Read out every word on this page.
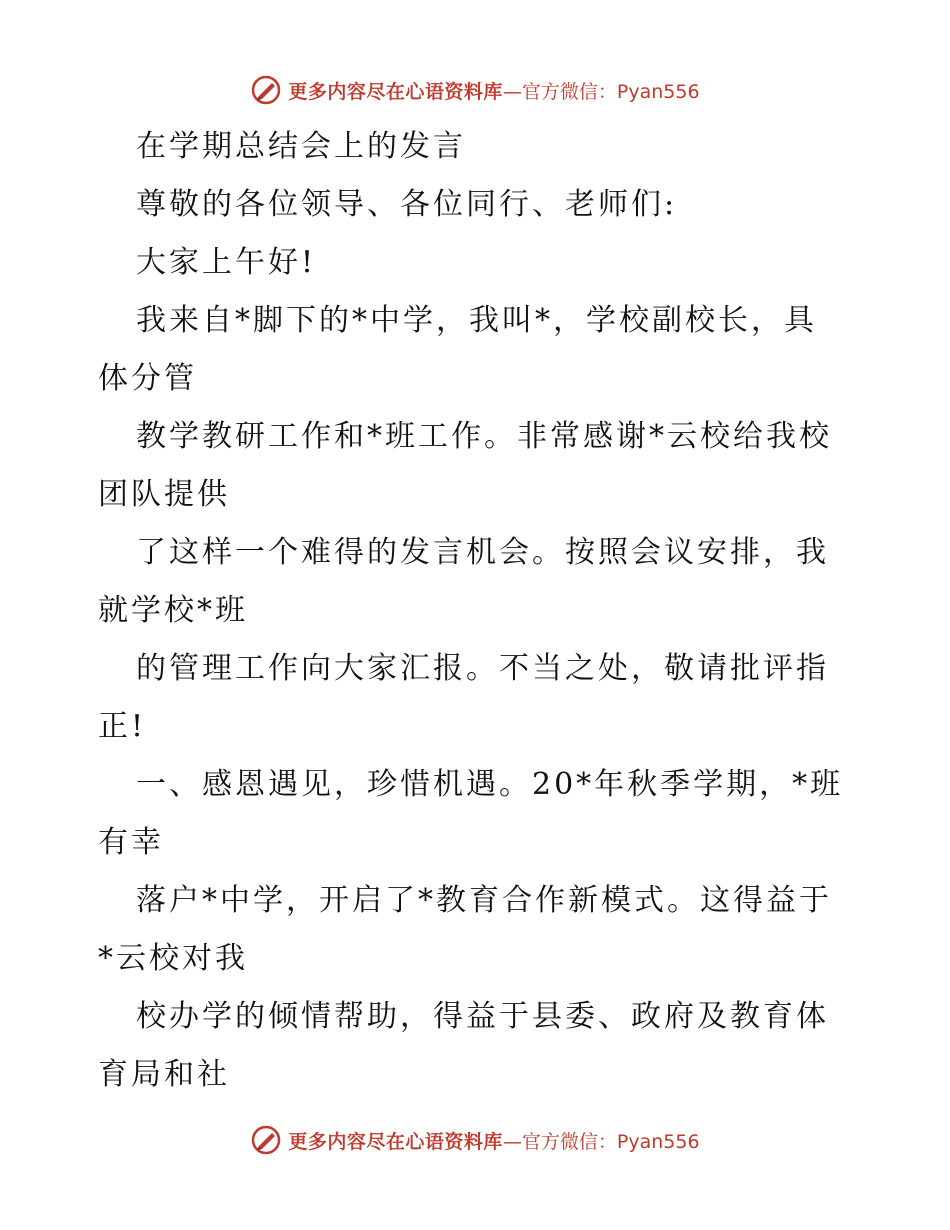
更多内容尽在心语资料库 —官方微信：Pyan556
在学期总结会上的发言
尊敬的各位领导、各位同行、老师们:
大家上午好!
我来自*脚下的*中学，我叫*，学校副校长，具
体分管
教学教研工作和*班工作。非常感谢*云校给我校
团队提供
了这样一个难得的发言机会。按照会议安排，我
就学校*班
的管理工作向大家汇报。不当之处，敬请批评指
正!
一、感恩遇见，珍惜机遇。20*年秋季学期，*班
有幸
落户*中学，开启了*教育合作新模式。这得益于
*云校对我
校办学的倾情帮助，得益于县委、政府及教育体
育局和社
更多内容尽在心语资料库 —官方微信：Pyan556
